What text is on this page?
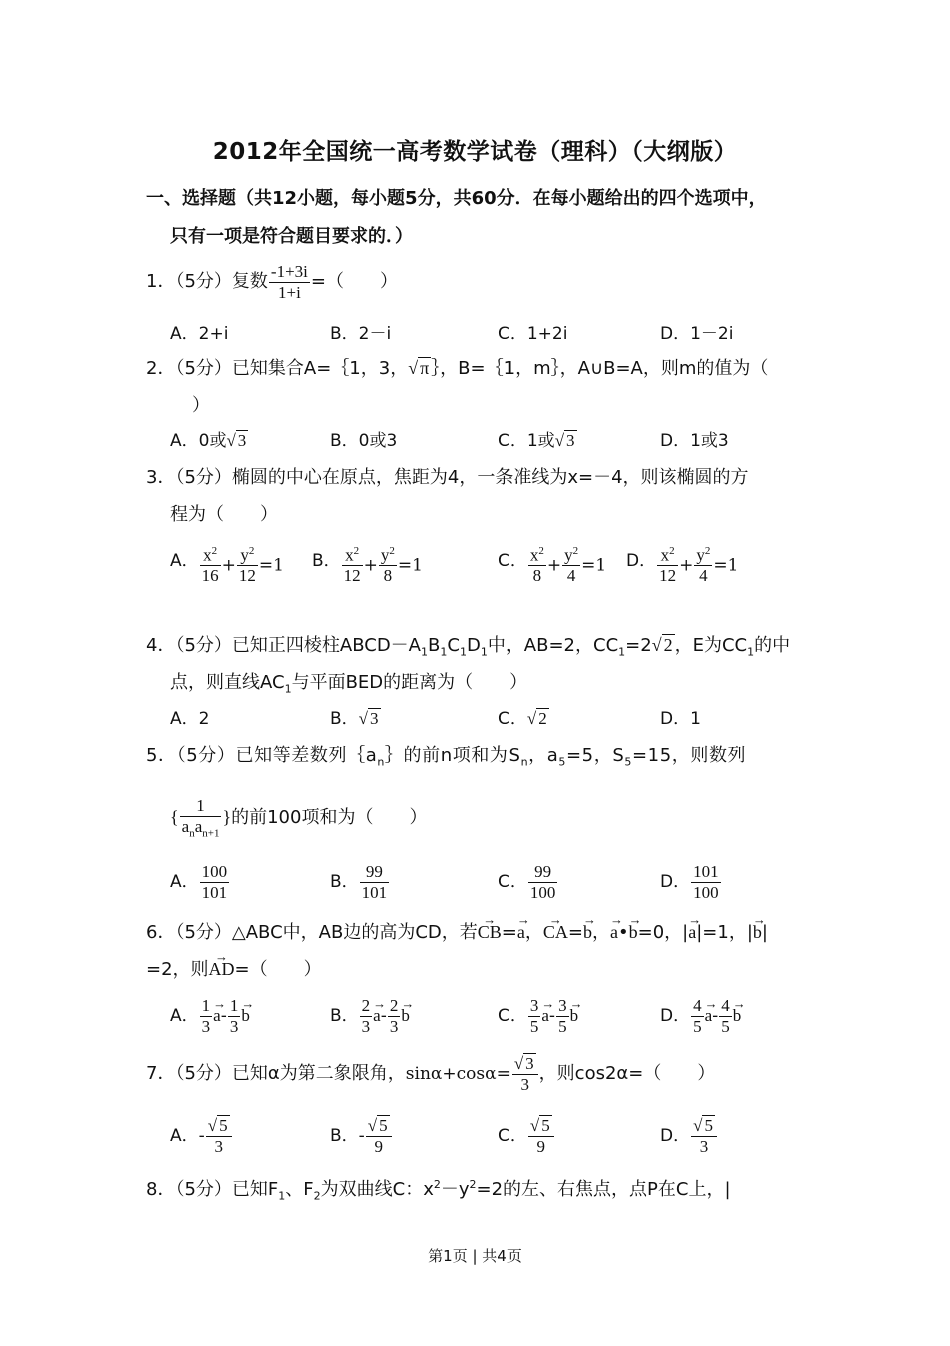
2012年全国统一高考数学试卷（理科）（大纲版）
一、选择题（共12小题，每小题5分，共60分．在每小题给出的四个选项中，
只有一项是符合题目要求的．）
1．（5分）复数 $\frac{-1+3i}{1+i}$ =（　　）
A．2+i	B．2－i	C．1+2i	D．1－2i
2．（5分）已知集合A=｛1，3，√ π ｝，B=｛1，m｝，A∪B=A，则m的值为（
）
A．0或√ 3	B．0或3	C．1或√ 3	D．1或3
3．（5分）椭圆的中心在原点，焦距为4，一条准线为x=－4，则该椭圆的方
程为（　　）
A． $\frac{x^2}{16} + \frac{y^2}{12} =1$ B． $\frac{x^2}{12} + \frac{y^2}{8} =1$	C． $\frac{x^2}{8} + \frac{y^2}{4} =1$ D． $\frac{x^2}{12} + \frac{y^2}{4} =1$
4．（5分）已知正四棱柱$ABCD-A_1B_1C_1D_1$中，AB=2，$CC_1=2√$ 2 ，E为$CC_1$的中
点，则直线$AC_1$与平面BED的距离为（　　）
A．2	B．√ 3	C．√ 2	D．1
5．（5分）已知等差数列$\{a_n\}$的前n项和为$S_n$，$a_5=5$，$S_5=15$，则数列
{ $\frac{1}{a_na_{n+1}}$ }的前100项和为（　　）
A． $\frac{100}{101}$	B． $\frac{99}{101}$	C． $\frac{99}{100}$	D． $\frac{101}{100}$
6．（5分）△ABC中，AB边的高为CD，若→ CB=→ a，→ CA=→ b，→ a•→ b=0，|→ a|=1，|→ b|
=2，则→ AD=（　　）
A． $\frac{1}{3}$
→ $a- \frac{1}{3}$
→ b	B． $\frac{2}{3}$
→ $a- \frac{2}{3}$
→ b	C． $\frac{3}{5}$
→ $a- \frac{3}{5}$
→ b	D． $\frac{4}{5}$
→ $a- \frac{4}{5}$
→ b
7．（5分）已知α为第二象限角，$\sin\alpha+\cos\alpha= \frac{√ 3}{3}$ ，则cos2α=（　　）
A．- $\frac{√ 5}{3}$	B．- $\frac{√ 5}{9}$	C． $\frac{√ 5}{9}$	D． $\frac{√ 5}{3}$
8．（5分）已知$F_1$、$F_2$为双曲线C：$x^2-y^2=2$的左、右焦点，点P在C上，|
第1页 | 共4页
